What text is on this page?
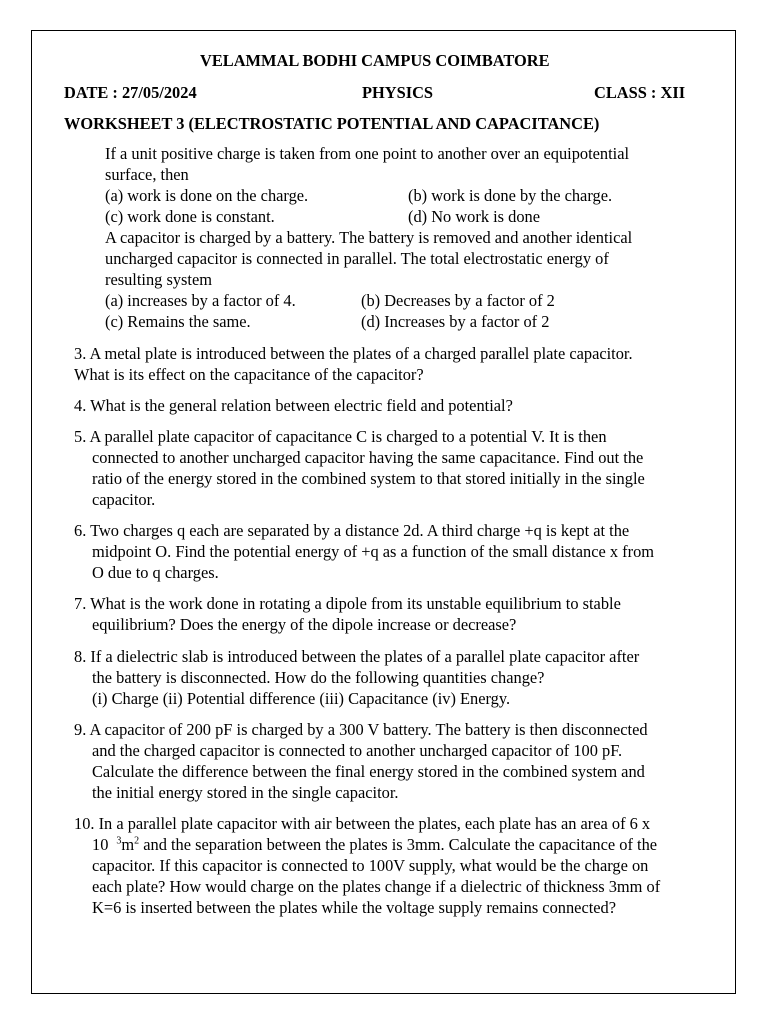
VELAMMAL BODHI CAMPUS COIMBATORE
DATE : 27/05/2024	PHYSICS	CLASS : XII
WORKSHEET 3 (ELECTROSTATIC POTENTIAL AND CAPACITANCE)
If a unit positive charge is taken from one point to another over an equipotential
surface, then
(a) work is done on the charge.	(b) work is done by the charge.
(c) work done is constant.	(d) No work is done
A capacitor is charged by a battery. The battery is removed and another identical
uncharged capacitor is connected in parallel. The total electrostatic energy of
resulting system
(a) increases by a factor of 4.	(b) Decreases by a factor of 2
(c) Remains the same.	(d) Increases by a factor of 2
3. A metal plate is introduced between the plates of a charged parallel plate capacitor.
What is its effect on the capacitance of the capacitor?
4. What is the general relation between electric field and potential?
5. A parallel plate capacitor of capacitance C is charged to a potential V. It is then
connected to another uncharged capacitor having the same capacitance. Find out the
ratio of the energy stored in the combined system to that stored initially in the single
capacitor.
6. Two charges q each are separated by a distance 2d. A third charge +q is kept at the
midpoint O. Find the potential energy of +q as a function of the small distance x from
O due to q charges.
7. What is the work done in rotating a dipole from its unstable equilibrium to stable
equilibrium? Does the energy of the dipole increase or decrease?
8. If a dielectric slab is introduced between the plates of a parallel plate capacitor after
the battery is disconnected. How do the following quantities change?
(i) Charge (ii) Potential difference (iii) Capacitance (iv) Energy.
9. A capacitor of 200 pF is charged by a 300 V battery. The battery is then disconnected
and the charged capacitor is connected to another uncharged capacitor of 100 pF.
Calculate the difference between the final energy stored in the combined system and
the initial energy stored in the single capacitor.
10. In a parallel plate capacitor with air between the plates, each plate has an area of 6 x
10 $^3m^2$ and the separation between the plates is 3mm. Calculate the capacitance of the
capacitor. If this capacitor is connected to 100V supply, what would be the charge on
each plate? How would charge on the plates change if a dielectric of thickness 3mm of
K=6 is inserted between the plates while the voltage supply remains connected?
